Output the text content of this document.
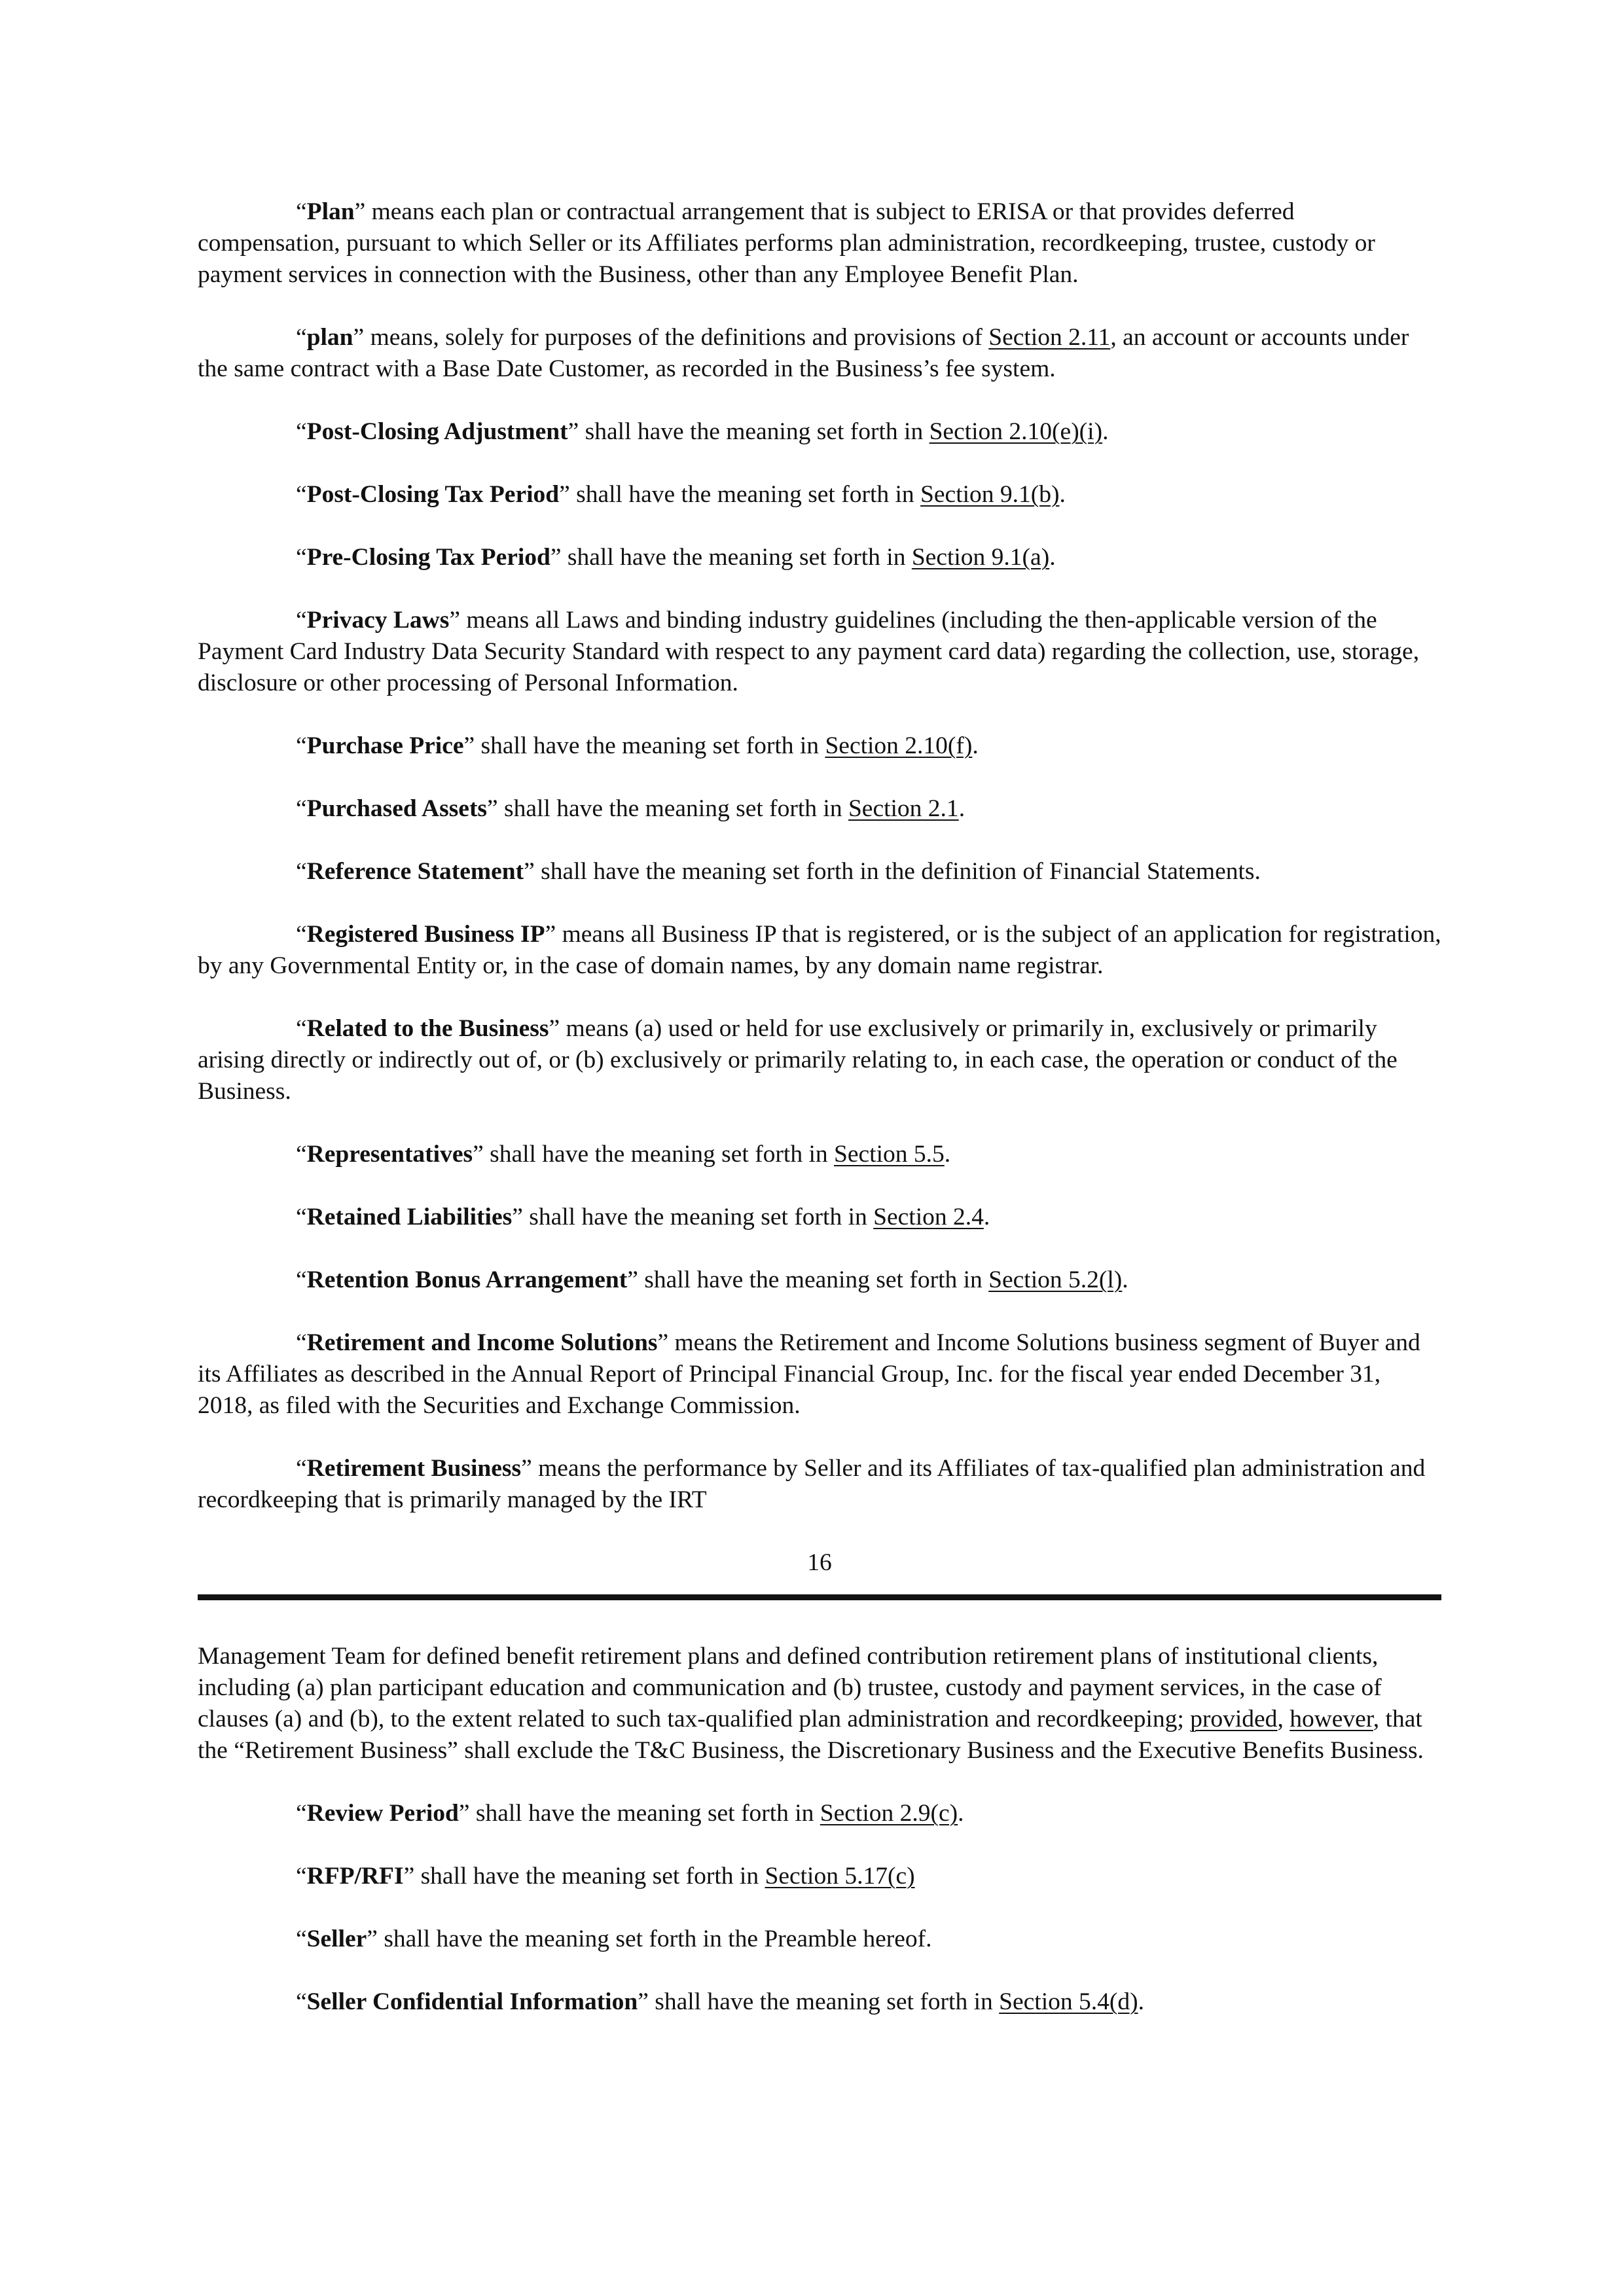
“Plan” means each plan or contractual arrangement that is subject to ERISA or that provides deferred compensation, pursuant to which Seller or its Affiliates performs plan administration, recordkeeping, trustee, custody or payment services in connection with the Business, other than any Employee Benefit Plan.

“plan” means, solely for purposes of the definitions and provisions of Section 2.11, an account or accounts under the same contract with a Base Date Customer, as recorded in the Business’s fee system.

“Post-Closing Adjustment” shall have the meaning set forth in Section 2.10(e)(i).

“Post-Closing Tax Period” shall have the meaning set forth in Section 9.1(b).

“Pre-Closing Tax Period” shall have the meaning set forth in Section 9.1(a).

“Privacy Laws” means all Laws and binding industry guidelines (including the then-applicable version of the Payment Card Industry Data Security Standard with respect to any payment card data) regarding the collection, use, storage, disclosure or other processing of Personal Information.

“Purchase Price” shall have the meaning set forth in Section 2.10(f).

“Purchased Assets” shall have the meaning set forth in Section 2.1.

“Reference Statement” shall have the meaning set forth in the definition of Financial Statements.

“Registered Business IP” means all Business IP that is registered, or is the subject of an application for registration, by any Governmental Entity or, in the case of domain names, by any domain name registrar.

“Related to the Business” means (a) used or held for use exclusively or primarily in, exclusively or primarily arising directly or indirectly out of, or (b) exclusively or primarily relating to, in each case, the operation or conduct of the Business.

“Representatives” shall have the meaning set forth in Section 5.5.

“Retained Liabilities” shall have the meaning set forth in Section 2.4.

“Retention Bonus Arrangement” shall have the meaning set forth in Section 5.2(l).

“Retirement and Income Solutions” means the Retirement and Income Solutions business segment of Buyer and its Affiliates as described in the Annual Report of Principal Financial Group, Inc. for the fiscal year ended December 31, 2018, as filed with the Securities and Exchange Commission.

“Retirement Business” means the performance by Seller and its Affiliates of tax-qualified plan administration and recordkeeping that is primarily managed by the IRT

16

Management Team for defined benefit retirement plans and defined contribution retirement plans of institutional clients, including (a) plan participant education and communication and (b) trustee, custody and payment services, in the case of clauses (a) and (b), to the extent related to such tax-qualified plan administration and recordkeeping; provided, however, that the “Retirement Business” shall exclude the T&C Business, the Discretionary Business and the Executive Benefits Business.

“Review Period” shall have the meaning set forth in Section 2.9(c).

“RFP/RFI” shall have the meaning set forth in Section 5.17(c)

“Seller” shall have the meaning set forth in the Preamble hereof.

“Seller Confidential Information” shall have the meaning set forth in Section 5.4(d).
